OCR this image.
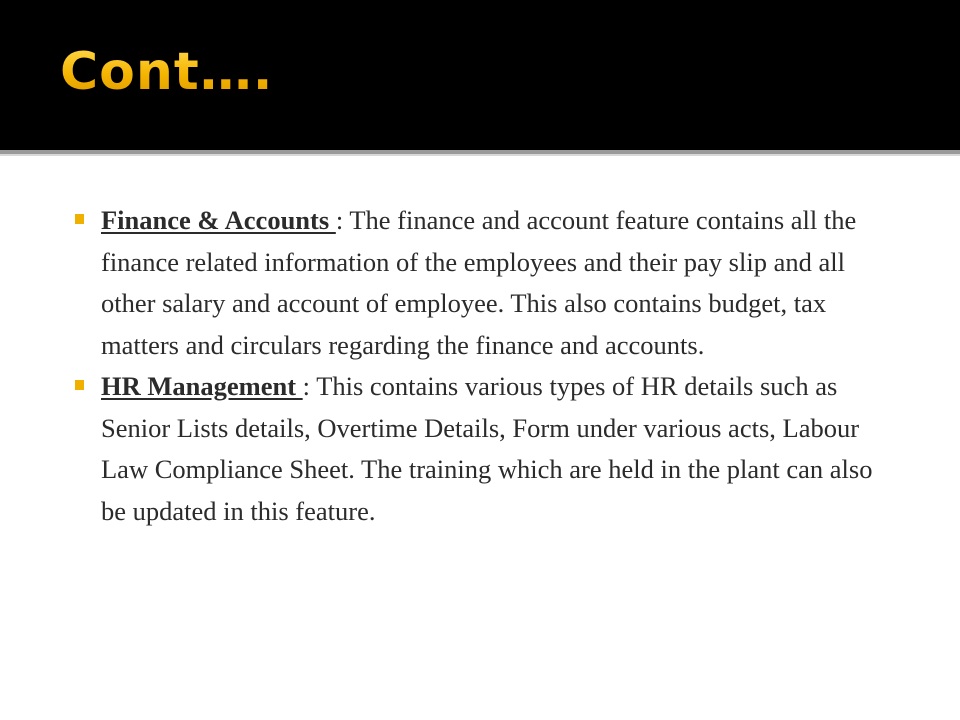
Cont….
Finance & Accounts : The finance and account feature contains all the finance related information of the employees and their pay slip and all other salary and account of employee. This also contains budget, tax matters and circulars regarding the finance and accounts.
HR Management : This contains various types of HR details such as Senior Lists details, Overtime Details, Form under various acts, Labour Law Compliance Sheet. The training which are held in the plant can also be updated in this feature.
